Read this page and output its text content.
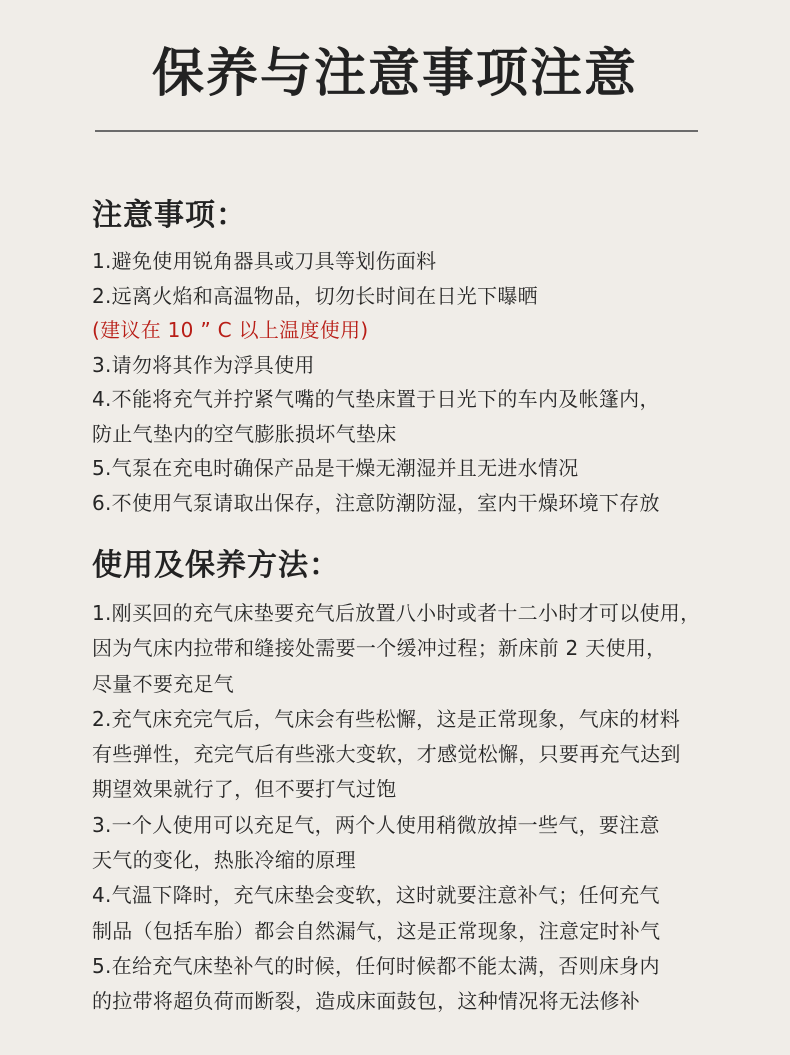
保养与注意事项注意
注意事项：
1.避免使用锐角器具或刀具等划伤面料
2.远离火焰和高温物品，切勿长时间在日光下曝晒
(建议在 10 ” C 以上温度使用)
3.请勿将其作为浮具使用
4.不能将充气并拧紧气嘴的气垫床置于日光下的车内及帐篷内，
防止气垫内的空气膨胀损坏气垫床
5.气泵在充电时确保产品是干燥无潮湿并且无进水情况
6.不使用气泵请取出保存，注意防潮防湿，室内干燥环境下存放
使用及保养方法：
1.刚买回的充气床垫要充气后放置八小时或者十二小时才可以使用，
因为气床内拉带和缝接处需要一个缓冲过程；新床前 2 天使用，
尽量不要充足气
2.充气床充完气后，气床会有些松懈，这是正常现象，气床的材料
有些弹性，充完气后有些涨大变软，才感觉松懈，只要再充气达到
期望效果就行了，但不要打气过饱
3.一个人使用可以充足气，两个人使用稍微放掉一些气，要注意
天气的变化，热胀冷缩的原理
4.气温下降时，充气床垫会变软，这时就要注意补气；任何充气
制品（包括车胎）都会自然漏气，这是正常现象，注意定时补气
5.在给充气床垫补气的时候，任何时候都不能太满，否则床身内
的拉带将超负荷而断裂，造成床面鼓包，这种情况将无法修补
